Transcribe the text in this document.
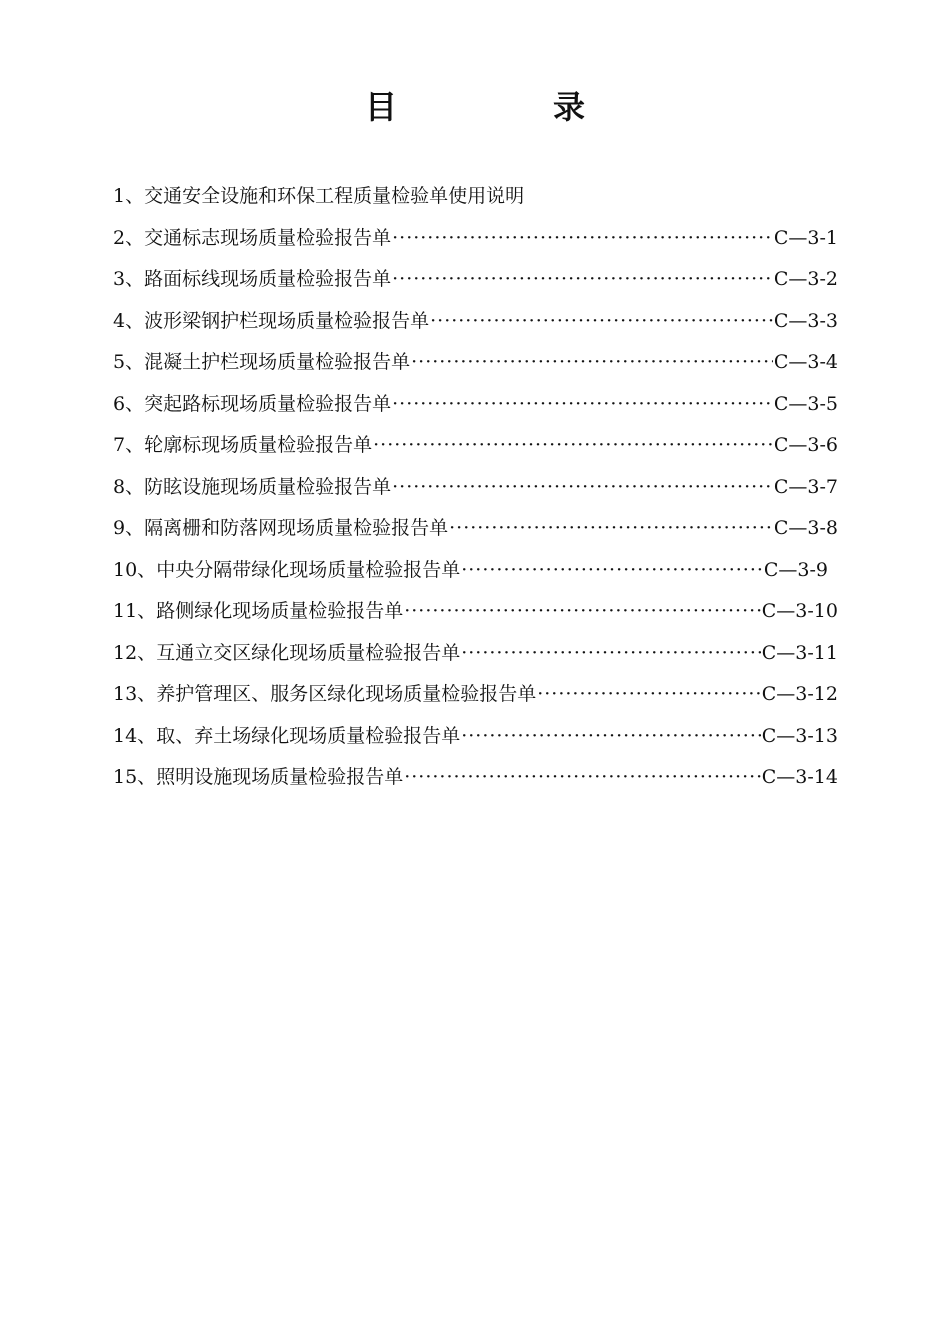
目　录
1、 交通安全设施和环保工程质量检验单使用说明
2、 交通标志现场质量检验报告单 ·····	C—3-1
3、 路面标线现场质量检验报告单 ·····	C—3-2
4、 波形梁钢护栏现场质量检验报告单 ·····	C—3-3
5、 混凝土护栏现场质量检验报告单 ·····	C—3-4
6、 突起路标现场质量检验报告单 ·····	C—3-5
7、 轮廓标现场质量检验报告单 ·····	C—3-6
8、 防眩设施现场质量检验报告单 ·····	C—3-7
9、 隔离栅和防落网现场质量检验报告单 ·····	C—3-8
10、 中央分隔带绿化现场质量检验报告单 ·····	C—3-9
11、 路侧绿化现场质量检验报告单 ·····	C—3-10
12、 互通立交区绿化现场质量检验报告单 ·····	C—3-11
13、 养护管理区、服务区绿化现场质量检验报告单 ·····	C—3-12
14、 取、弃土场绿化现场质量检验报告单 ·····	C—3-13
15、 照明设施现场质量检验报告单 ·····	C—3-14
